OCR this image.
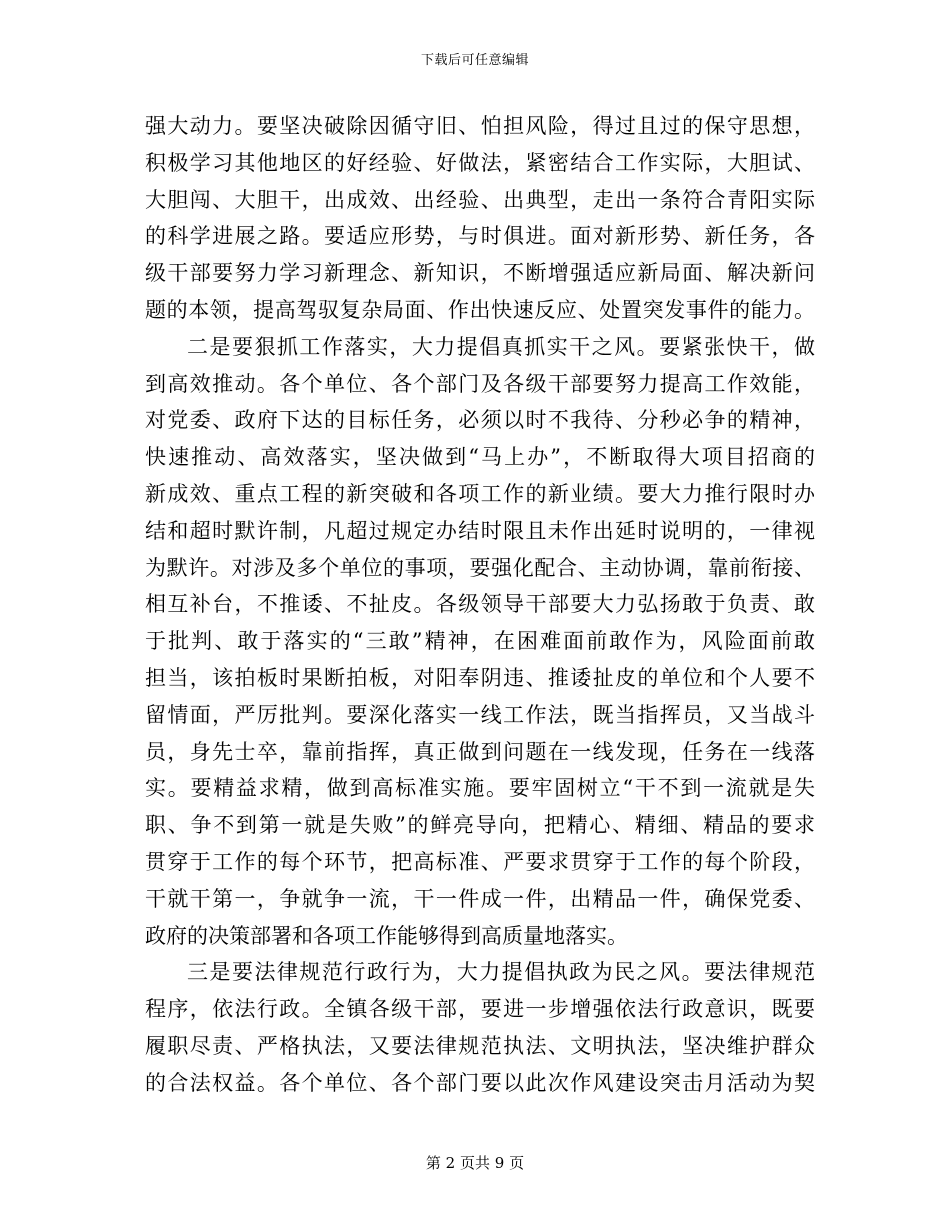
下载后可任意编辑
强大动力。要坚决破除因循守旧、怕担风险，得过且过的保守思想，
积极学习其他地区的好经验、好做法，紧密结合工作实际，大胆试、
大胆闯、大胆干，出成效、出经验、出典型，走出一条符合青阳实际
的科学进展之路。要适应形势，与时俱进。面对新形势、新任务，各
级干部要努力学习新理念、新知识，不断增强适应新局面、解决新问
题的本领，提高驾驭复杂局面、作出快速反应、处置突发事件的能力。
二是要狠抓工作落实，大力提倡真抓实干之风。要紧张快干，做
到高效推动。各个单位、各个部门及各级干部要努力提高工作效能，
对党委、政府下达的目标任务，必须以时不我待、分秒必争的精神，
快速推动、高效落实，坚决做到“马上办”，不断取得大项目招商的
新成效、重点工程的新突破和各项工作的新业绩。要大力推行限时办
结和超时默许制，凡超过规定办结时限且未作出延时说明的，一律视
为默许。对涉及多个单位的事项，要强化配合、主动协调，靠前衔接、
相互补台，不推诿、不扯皮。各级领导干部要大力弘扬敢于负责、敢
于批判、敢于落实的“三敢”精神，在困难面前敢作为，风险面前敢
担当，该拍板时果断拍板，对阳奉阴违、推诿扯皮的单位和个人要不
留情面，严厉批判。要深化落实一线工作法，既当指挥员，又当战斗
员，身先士卒，靠前指挥，真正做到问题在一线发现，任务在一线落
实。要精益求精，做到高标准实施。要牢固树立“干不到一流就是失
职、争不到第一就是失败”的鲜亮导向，把精心、精细、精品的要求
贯穿于工作的每个环节，把高标准、严要求贯穿于工作的每个阶段，
干就干第一，争就争一流，干一件成一件，出精品一件，确保党委、
政府的决策部署和各项工作能够得到高质量地落实。
三是要法律规范行政行为，大力提倡执政为民之风。要法律规范
程序，依法行政。全镇各级干部，要进一步增强依法行政意识，既要
履职尽责、严格执法，又要法律规范执法、文明执法，坚决维护群众
的合法权益。各个单位、各个部门要以此次作风建设突击月活动为契
第 2 页共 9 页
